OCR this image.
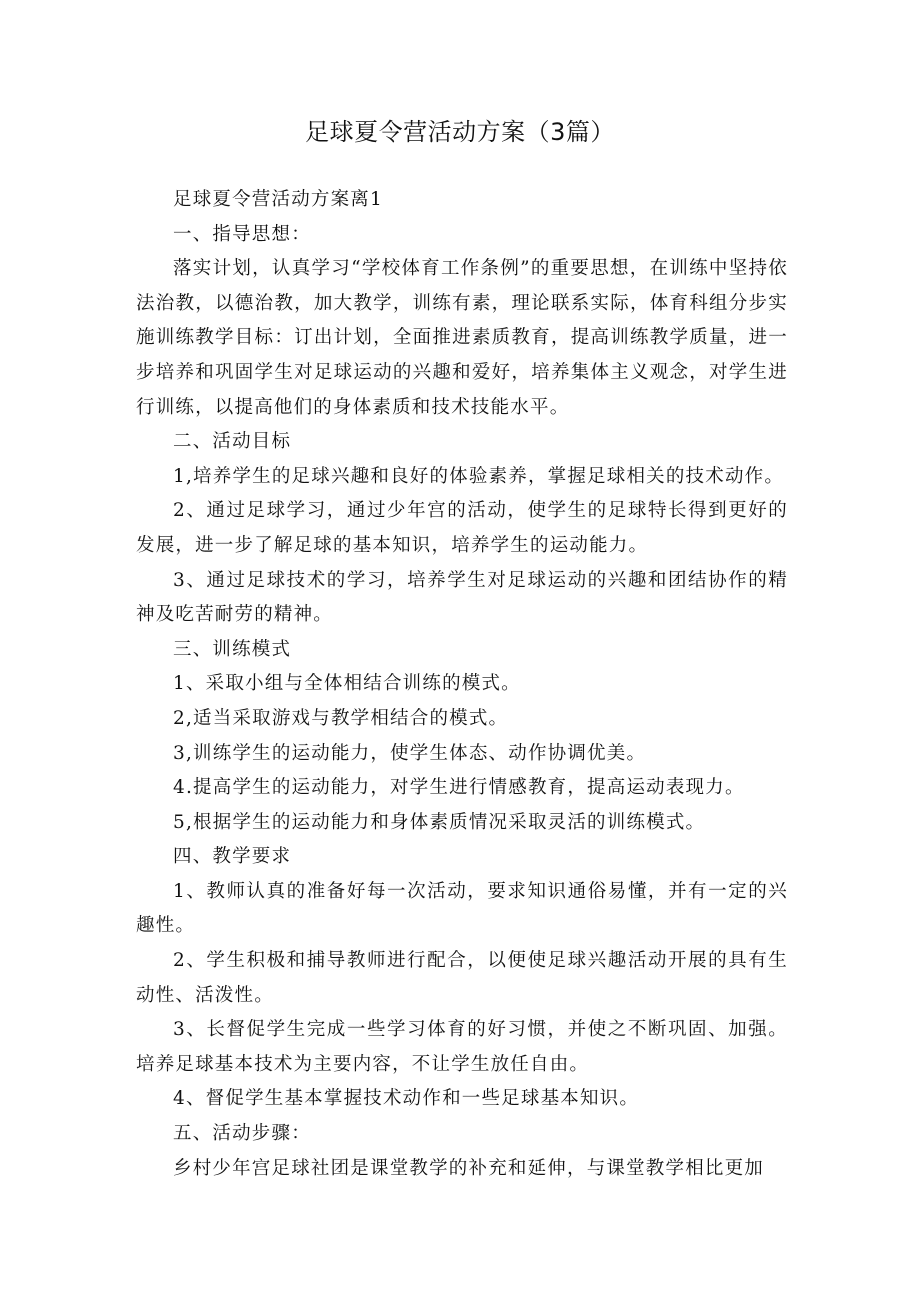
足球夏令营活动方案（3篇）

足球夏令营活动方案离1

一、指导思想：

落实计划，认真学习“学校体育工作条例”的重要思想，在训练中坚持依法治教，以德治教，加大教学，训练有素，理论联系实际，体育科组分步实施训练教学目标：订出计划，全面推进素质教育，提高训练教学质量，进一步培养和巩固学生对足球运动的兴趣和爱好，培养集体主义观念，对学生进行训练，以提高他们的身体素质和技术技能水平。

二、活动目标

1,培养学生的足球兴趣和良好的体验素养，掌握足球相关的技术动作。

2、通过足球学习，通过少年宫的活动，使学生的足球特长得到更好的发展，进一步了解足球的基本知识，培养学生的运动能力。

3、通过足球技术的学习，培养学生对足球运动的兴趣和团结协作的精神及吃苦耐劳的精神。

三、训练模式

1、采取小组与全体相结合训练的模式。

2,适当采取游戏与教学相结合的模式。

3,训练学生的运动能力，使学生体态、动作协调优美。

4.提高学生的运动能力，对学生进行情感教育，提高运动表现力。

5,根据学生的运动能力和身体素质情况采取灵活的训练模式。

四、教学要求

1、教师认真的准备好每一次活动，要求知识通俗易懂，并有一定的兴趣性。

2、学生积极和捕导教师进行配合，以便使足球兴趣活动开展的具有生动性、活泼性。

3、长督促学生完成一些学习体育的好习惯，并使之不断巩固、加强。培养足球基本技术为主要内容，不让学生放任自由。

4、督促学生基本掌握技术动作和一些足球基本知识。

五、活动步骤：

乡村少年宫足球社团是课堂教学的补充和延伸，与课堂教学相比更加
